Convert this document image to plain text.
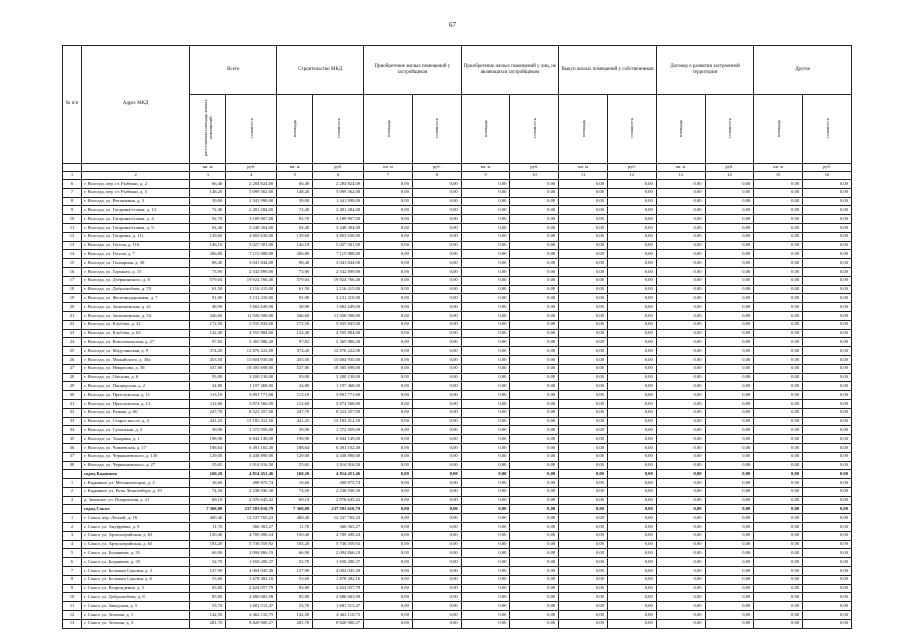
67
№ п/п	Адрес МКД	Всего		Строительство МКД		Приобретение жилых помещений у застройщиков		Приобретение жилых помещений у лиц, не являющихся застройщиком		Выкуп жилых помещений у собственников		Договор о развитии застроенной территории		Другое	
		расселяемая площадь жилых помещений	стоимость	площадь	стоимость	площадь	стоимость	площадь	стоимость	площадь	стоимость	площадь	стоимость	площадь	стоимость
		кв. м	руб.	кв. м	руб.	кв. м	руб.	кв. м	руб.	кв. м	руб.	кв. м	руб.	кв. м	руб.
1	2	3	4	5	6	7	8	9	10	11	12	13	14	15	16
6	г. Вологда, пер. ст. Рыбенко, д. 2	66,40	2 284 824,00	66,40	2 284 824,00	0,00	0,00	0,00	0,00	0,00	0,00	0,00	0,00	0,00	0,00
7	г. Вологда, пер. ст. Рыбенко, д. 5	148,20	5 099 562,00	148,20	5 099 562,00	0,00	0,00	0,00	0,00	0,00	0,00	0,00	0,00	0,00	0,00
8	г. Вологда, ул. Ветошкина, д. 3	39,00	1 341 990,00	39,00	1 341 990,00	0,00	0,00	0,00	0,00	0,00	0,00	0,00	0,00	0,00	0,00
9	г. Вологда, ул. Гагарина/есовая, д. 14	72,40	2 491 284,00	72,40	2 491 284,00	0,00	0,00	0,00	0,00	0,00	0,00	0,00	0,00	0,00	0,00
10	г. Вологда, ул. Гагарина/есовая, д. 4	92,70	3 189 807,00	92,70	3 189 807,00	0,00	0,00	0,00	0,00	0,00	0,00	0,00	0,00	0,00	0,00
11	г. Вологда, ул. Гагарина/есовая, д. 9	94,40	3 248 304,00	94,40	3 248 304,00	0,00	0,00	0,00	0,00	0,00	0,00	0,00	0,00	0,00	0,00
12	г. Вологда, ул. Гагарина, д. 111	139,60	4 803 636,00	139,60	4 803 636,00	0,00	0,00	0,00	0,00	0,00	0,00	0,00	0,00	0,00	0,00
13	г. Вологда, ул. Гоголя, д. 116	146,10	5 027 301,00	146,10	5 027 301,00	0,00	0,00	0,00	0,00	0,00	0,00	0,00	0,00	0,00	0,00
14	г. Вологда, ул. Гоголя, д. 7	206,80	7 115 988,00	206,80	7 115 988,00	0,00	0,00	0,00	0,00	0,00	0,00	0,00	0,00	0,00	0,00
15	г. Вологда, ул. Гончарная, д. 38	88,40	3 041 844,00	88,40	3 041 844,00	0,00	0,00	0,00	0,00	0,00	0,00	0,00	0,00	0,00	0,00
16	г. Вологда, ул. Горького, д. 15	73,90	2 542 899,00	73,90	2 542 899,00	0,00	0,00	0,00	0,00	0,00	0,00	0,00	0,00	0,00	0,00
17	г. Вологда, ул. Дзержинского, д. 8	579,04	19 924 766,40	579,04	19 924 766,40	0,00	0,00	0,00	0,00	0,00	0,00	0,00	0,00	0,00	0,00
18	г. Вологда, ул. Добролюбова, д. 70	61,50	2 116 215,00	61,50	2 116 215,00	0,00	0,00	0,00	0,00	0,00	0,00	0,00	0,00	0,00	0,00
19	г. Вологда, ул. Железнодорожная, д. 7	91,00	3 131 310,00	91,00	3 131 310,00	0,00	0,00	0,00	0,00	0,00	0,00	0,00	0,00	0,00	0,00
20	г. Вологда, ул. Заснеженская, д. 41	48,90	1 682 649,00	48,90	1 682 649,00	0,00	0,00	0,00	0,00	0,00	0,00	0,00	0,00	0,00	0,00
21	г. Вологда, ул. Заснеженская, д. 54	346,60	11 926 506,00	346,60	11 926 506,00	0,00	0,00	0,00	0,00	0,00	0,00	0,00	0,00	0,00	0,00
22	г. Вологда, ул. Клубова, д. 32	172,50	5 935 843,00	172,50	5 935 843,00	0,00	0,00	0,00	0,00	0,00	0,00	0,00	0,00	0,00	0,00
23	г. Вологда, ул. Клубова, д. 62	132,40	4 555 884,00	132,40	4 555 884,00	0,00	0,00	0,00	0,00	0,00	0,00	0,00	0,00	0,00	0,00
24	г. Вологда, ул. Комсомольская, д. 27	97,82	3 365 986,20	97,82	3 365 986,20	0,00	0,00	0,00	0,00	0,00	0,00	0,00	0,00	0,00	0,00
25	г. Вологда, ул. Мадучинская, д. 9	374,20	12 876 222,00	374,20	12 876 222,00	0,00	0,00	0,00	0,00	0,00	0,00	0,00	0,00	0,00	0,00
26	г. Вологда, ул. Можайского, д. 38а	453,50	15 604 935,00	453,50	15 604 935,00	0,00	0,00	0,00	0,00	0,00	0,00	0,00	0,00	0,00	0,00
27	г. Вологда, ул. Некрасова, д. 38	537,80	18 505 698,00	537,80	18 505 698,00	0,00	0,00	0,00	0,00	0,00	0,00	0,00	0,00	0,00	0,00
28	г. Вологда, ул. Ольхова, д. 6	93,00	3 200 130,00	93,00	3 200 130,00	0,00	0,00	0,00	0,00	0,00	0,00	0,00	0,00	0,00	0,00
29	г. Вологда, ул. Пионерская, д. 2	34,80	1 197 468,00	34,80	1 197 468,00	0,00	0,00	0,00	0,00	0,00	0,00	0,00	0,00	0,00	0,00
30	г. Вологда, ул. Прислужская, д. 11	113,10	3 891 771,00	113,10	3 891 771,00	0,00	0,00	0,00	0,00	0,00	0,00	0,00	0,00	0,00	0,00
31	г. Вологда, ул. Прислужская, д. 12	112,60	3 874 566,00	112,60	3 874 566,00	0,00	0,00	0,00	0,00	0,00	0,00	0,00	0,00	0,00	0,00
32	г. Вологда, ул. Разина, д. 60	247,70	8 523 357,00	247,70	8 523 357,00	0,00	0,00	0,00	0,00	0,00	0,00	0,00	0,00	0,00	0,00
33	г. Вологда, ул. Старое шоссе, д. 4	441,25	15 183 412,50	441,25	15 183 412,50	0,00	0,00	0,00	0,00	0,00	0,00	0,00	0,00	0,00	0,00
34	г. Вологда, ул. Сухонская, д. 5	39,90	1 372 959,00	39,90	1 372 959,00	0,00	0,00	0,00	0,00	0,00	0,00	0,00	0,00	0,00	0,00
35	г. Вологда, ул. Товарная, д. 1	198,90	6 844 149,00	198,90	6 844 149,00	0,00	0,00	0,00	0,00	0,00	0,00	0,00	0,00	0,00	0,00
36	г. Вологда, ул. Чапаевская, д. 17	188,64	6 491 102,40	188,64	6 491 102,40	0,00	0,00	0,00	0,00	0,00	0,00	0,00	0,00	0,00	0,00
37	г. Вологда, ул. Чернышевского, д. 130	129,00	4 438 890,00	129,00	4 438 890,00	0,00	0,00	0,00	0,00	0,00	0,00	0,00	0,00	0,00	0,00
38	г. Вологда, ул. Чернышевского, д. 27	55,65	1 914 916,50	55,65	1 914 916,50	0,00	0,00	0,00	0,00	0,00	0,00	0,00	0,00	0,00	0,00
	город Кадников	160,20	4 814 451,46	160,20	4 814 451,46	0,00	0,00	0,00	0,00	0,00	0,00	0,00	0,00	0,00	0,00
1	г. Кадников, ул. Механизаторов, д. 2	16,60	498 875,74	16,60	498 875,74	0,00	0,00	0,00	0,00	0,00	0,00	0,00	0,00	0,00	0,00
2	г. Кадников, ул. Розы Люксембург, д. 19	74,50	2 238 930,30	74,50	2 238 930,30	0,00	0,00	0,00	0,00	0,00	0,00	0,00	0,00	0,00	0,00
3	д. Замошье, ул. Покровская, д. 21	69,10	2 076 645,42	69,10	2 076 645,42	0,00	0,00	0,00	0,00	0,00	0,00	0,00	0,00	0,00	0,00
	город Сокол	7 368,00	237 583 610,79	7 368,00	237 583 610,79	0,00	0,00	0,00	0,00	0,00	0,00	0,00	0,00	0,00	0,00
1	г. Сокол, пер. Лесной, д. 16	400,40	12 537 765,23	400,40	12 537 765,23	0,00	0,00	0,00	0,00	0,00	0,00	0,00	0,00	0,00	0,00
2	г. Сокол, ул. Ануфрёвка, д. 9	11,70	366 363,27	11,70	366 363,27	0,00	0,00	0,00	0,00	0,00	0,00	0,00	0,00	0,00	0,00
3	г. Сокол, ул. Артиллерийская, д. 63	150,40	4 709 490,24	150,40	4 709 490,24	0,00	0,00	0,00	0,00	0,00	0,00	0,00	0,00	0,00	0,00
4	г. Сокол, ул. Артиллерийская, д. 65	183,20	5 736 559,92	183,20	5 736 559,92	0,00	0,00	0,00	0,00	0,00	0,00	0,00	0,00	0,00	0,00
5	г. Сокол, ул. Беднякова, д. 31	66,90	2 094 866,19	66,90	2 094 866,19	0,00	0,00	0,00	0,00	0,00	0,00	0,00	0,00	0,00	0,00
6	г. Сокол, ул. Беднякова, д. 35	52,70	1 650 200,37	52,70	1 650 200,37	0,00	0,00	0,00	0,00	0,00	0,00	0,00	0,00	0,00	0,00
7	г. Сокол, ул. Большая Садовая, д. 3	127,90	4 004 945,49	127,90	4 004 945,49	0,00	0,00	0,00	0,00	0,00	0,00	0,00	0,00	0,00	0,00
8	г. Сокол, ул. Большая Садовая, д. 6	53,60	1 678 382,16	53,60	1 678 382,16	0,00	0,00	0,00	0,00	0,00	0,00	0,00	0,00	0,00	0,00
9	г. Сокол, ул. Возрождение, д. 5	83,80	2 624 057,79	83,80	2 624 057,79	0,00	0,00	0,00	0,00	0,00	0,00	0,00	0,00	0,00	0,00
10	г. Сокол, ул. Добролюбова, д. 8	85,80	2 686 683,98	85,80	2 686 683,98	0,00	0,00	0,00	0,00	0,00	0,00	0,00	0,00	0,00	0,00
11	г. Сокол, ул. Заводская, д. 5	53,70	1 681 513,47	53,70	1 681 513,47	0,00	0,00	0,00	0,00	0,00	0,00	0,00	0,00	0,00	0,00
12	г. Сокол, ул. Зеленая, д. 1	142,50	4 462 116,75	142,50	4 462 116,75	0,00	0,00	0,00	0,00	0,00	0,00	0,00	0,00	0,00	0,00
13	г. Сокол, ул. Зеленая, д. 3	281,70	8 820 900,27	281,70	8 820 900,27	0,00	0,00	0,00	0,00	0,00	0,00	0,00	0,00	0,00	0,00
